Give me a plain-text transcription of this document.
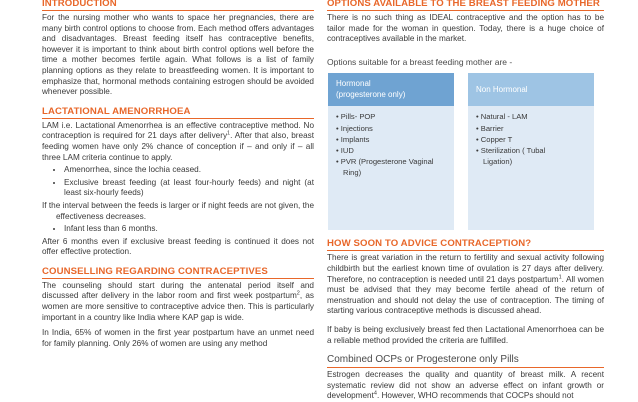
INTRODUCTION

For the nursing mother who wants to space her pregnancies, there are many birth control options to choose from. Each method offers advantages and disadvantages. Breast feeding itself has contraceptive benefits, however it is important to think about birth control options well before the time a mother becomes fertile again. What follows is a list of family planning options as they relate to breastfeeding women. It is important to emphasize that, hormonal methods containing estrogen should be avoided whenever possible.

LACTATIONAL AMENORRHOEA

LAM i.e. Lactational Amenorrhea is an effective contraceptive method. No contraception is required for 21 days after delivery$^1$. After that also, breast feeding women have only 2% chance of conception if – and only if – all three LAM criteria continue to apply.

• Amenorrhea, since the lochia ceased.
• Exclusive breast feeding (at least four-hourly feeds) and night (at least six-hourly feeds)

If the interval between the feeds is larger or if night feeds are not given, the effectiveness decreases.

• Infant less than 6 months.

After 6 months even if exclusive breast feeding is continued it does not offer effective protection.

COUNSELLING REGARDING CONTRACEPTIVES

The counseling should start during the antenatal period itself and discussed after delivery in the labor room and first week postpartum$^2$, as women are more sensitive to contraceptive advice then. This is particularly important in a country like India where KAP gap is wide.

In India, 65% of women in the first year postpartum have an unmet need for family planning. Only 26% of women are using any method

OPTIONS AVAILABLE TO THE BREAST FEEDING MOTHER

There is no such thing as IDEAL contraceptive and the option has to be tailor made for the woman in question. Today, there is a huge choice of contraceptives available in the market.

Options suitable for a breast feeding mother are -
Hormonal
(progesterone only)
• Pills- POP
• Injections
• Implants
• IUD
• PVR (Progesterone Vaginal
Ring)
Non Hormonal
• Natural - LAM
• Barrier
• Copper T
• Sterilization ( Tubal
Ligation)
HOW SOON TO ADVICE CONTRACEPTION?

There is great variation in the return to fertility and sexual activity following childbirth but the earliest known time of ovulation is 27 days after delivery. Therefore, no contraception is needed until 21 days postpartum$^1$. All women must be advised that they may become fertile ahead of the return of menstruation and should not delay the use of contraception. The timing of starting various contraceptive methods is discussed ahead.

If baby is being exclusively breast fed then Lactational Amenorrhoea can be a reliable method provided the criteria are fulfilled.

Combined OCPs or Progesterone only Pills

Estrogen decreases the quality and quantity of breast milk. A recent systematic review did not show an adverse effect on infant growth or development$^4$. However, WHO recommends that COCPs should not
